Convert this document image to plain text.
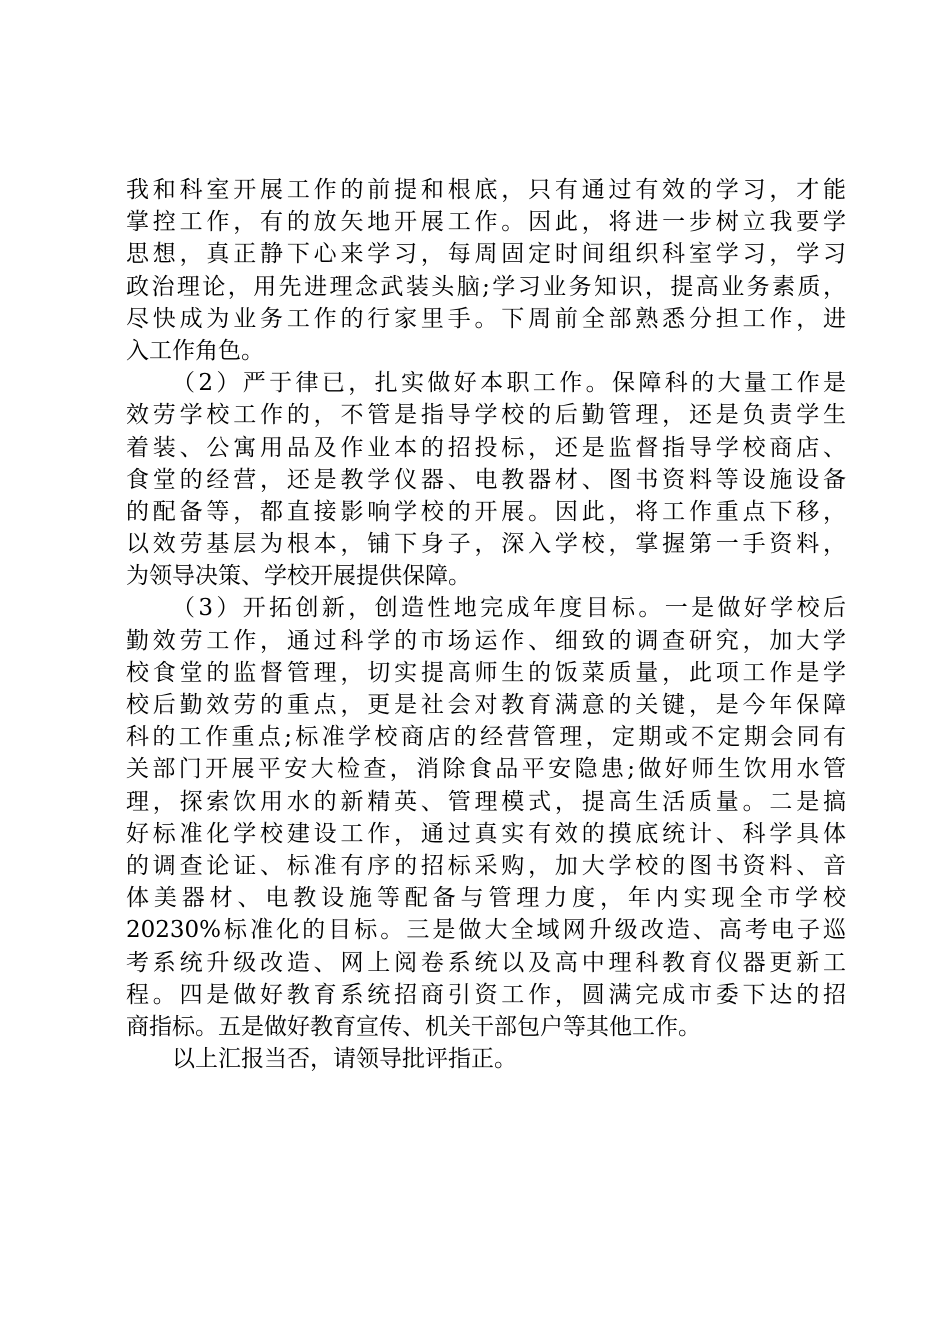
我和科室开展工作的前提和根底，只有通过有效的学习，才能
掌控工作，有的放矢地开展工作。因此，将进一步树立我要学
思想，真正静下心来学习，每周固定时间组织科室学习，学习
政治理论，用先进理念武装头脑;学习业务知识，提高业务素质，
尽快成为业务工作的行家里手。下周前全部熟悉分担工作，进
入工作角色。
（2）严于律已，扎实做好本职工作。保障科的大量工作是
效劳学校工作的，不管是指导学校的后勤管理，还是负责学生
着装、公寓用品及作业本的招投标，还是监督指导学校商店、
食堂的经营，还是教学仪器、电教器材、图书资料等设施设备
的配备等，都直接影响学校的开展。因此，将工作重点下移，
以效劳基层为根本，铺下身子，深入学校，掌握第一手资料，
为领导决策、学校开展提供保障。
（3）开拓创新，创造性地完成年度目标。一是做好学校后
勤效劳工作，通过科学的市场运作、细致的调查研究，加大学
校食堂的监督管理，切实提高师生的饭菜质量，此项工作是学
校后勤效劳的重点，更是社会对教育满意的关键，是今年保障
科的工作重点;标准学校商店的经营管理，定期或不定期会同有
关部门开展平安大检查，消除食品平安隐患;做好师生饮用水管
理，探索饮用水的新精英、管理模式，提高生活质量。二是搞
好标准化学校建设工作，通过真实有效的摸底统计、科学具体
的调查论证、标准有序的招标采购，加大学校的图书资料、音
体美器材、电教设施等配备与管理力度，年内实现全市学校
20230%标准化的目标。三是做大全域网升级改造、高考电子巡
考系统升级改造、网上阅卷系统以及高中理科教育仪器更新工
程。四是做好教育系统招商引资工作，圆满完成市委下达的招
商指标。五是做好教育宣传、机关干部包户等其他工作。
以上汇报当否，请领导批评指正。
